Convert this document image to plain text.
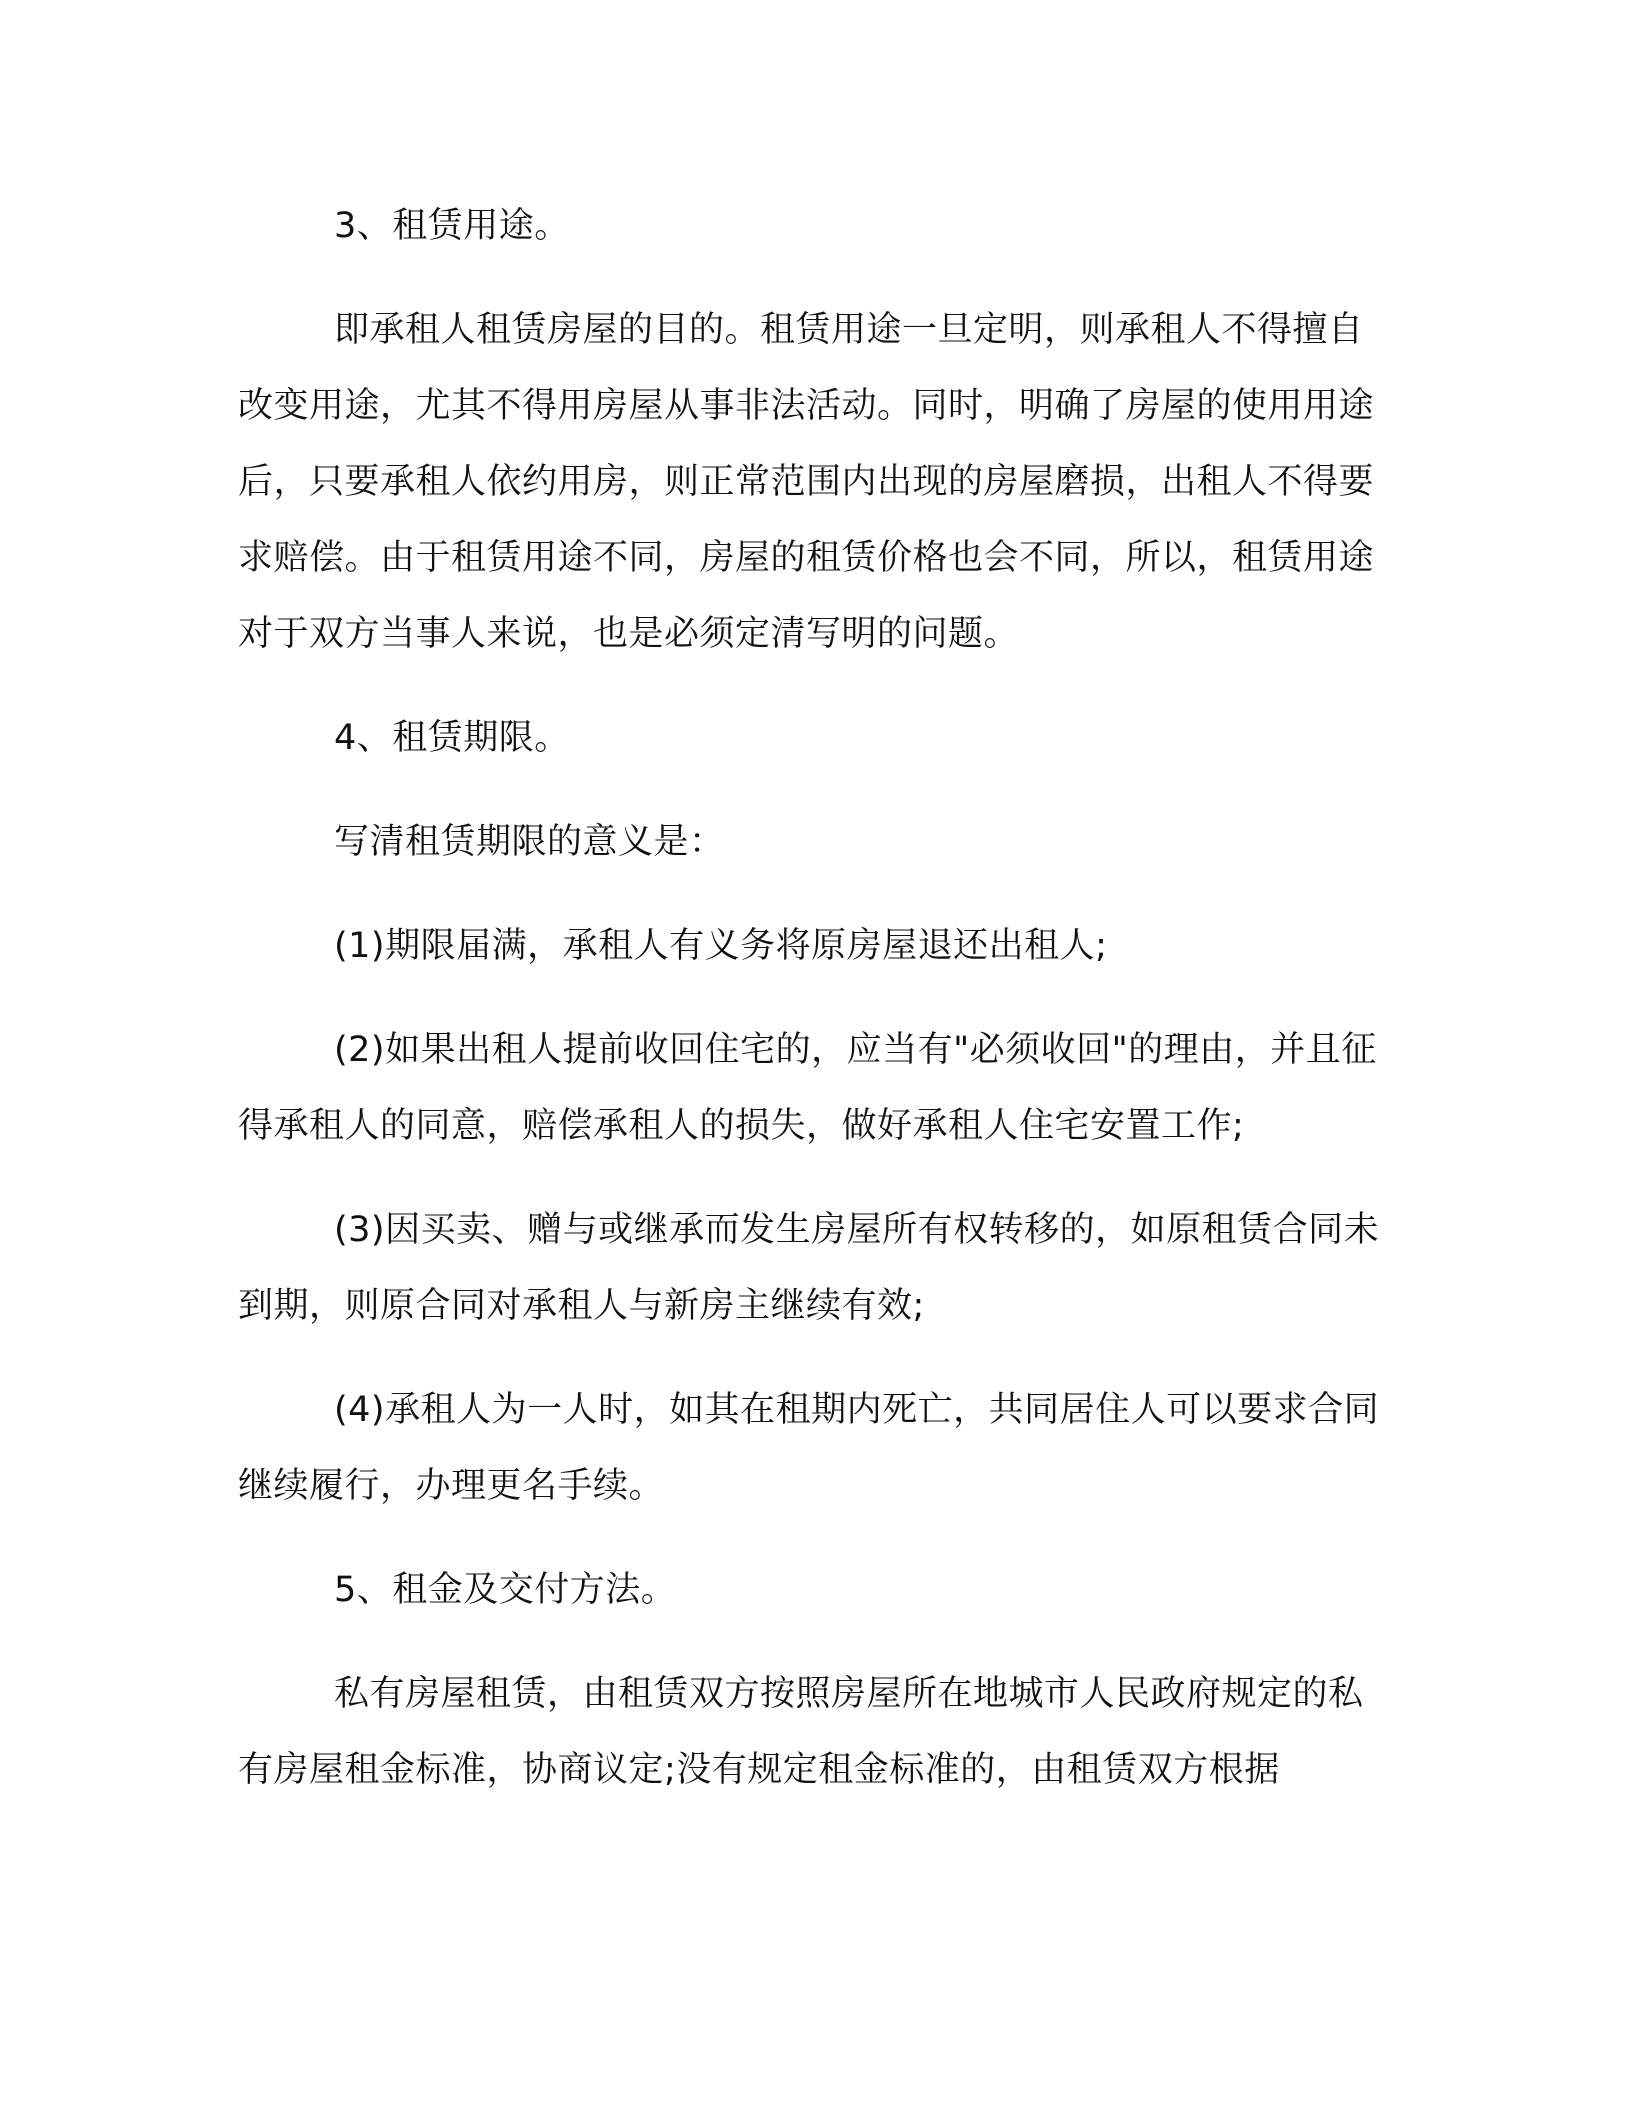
3、租赁用途。

即承租人租赁房屋的目的。租赁用途一旦定明，则承租人不得擅自改变用途，尤其不得用房屋从事非法活动。同时，明确了房屋的使用用途后，只要承租人依约用房，则正常范围内出现的房屋磨损，出租人不得要求赔偿。由于租赁用途不同，房屋的租赁价格也会不同，所以，租赁用途对于双方当事人来说，也是必须定清写明的问题。

4、租赁期限。

写清租赁期限的意义是：

(1)期限届满，承租人有义务将原房屋退还出租人;

(2)如果出租人提前收回住宅的，应当有"必须收回"的理由，并且征得承租人的同意，赔偿承租人的损失，做好承租人住宅安置工作;

(3)因买卖、赠与或继承而发生房屋所有权转移的，如原租赁合同未到期，则原合同对承租人与新房主继续有效;

(4)承租人为一人时，如其在租期内死亡，共同居住人可以要求合同继续履行，办理更名手续。

5、租金及交付方法。

私有房屋租赁，由租赁双方按照房屋所在地城市人民政府规定的私有房屋租金标准，协商议定;没有规定租金标准的，由租赁双方根据
